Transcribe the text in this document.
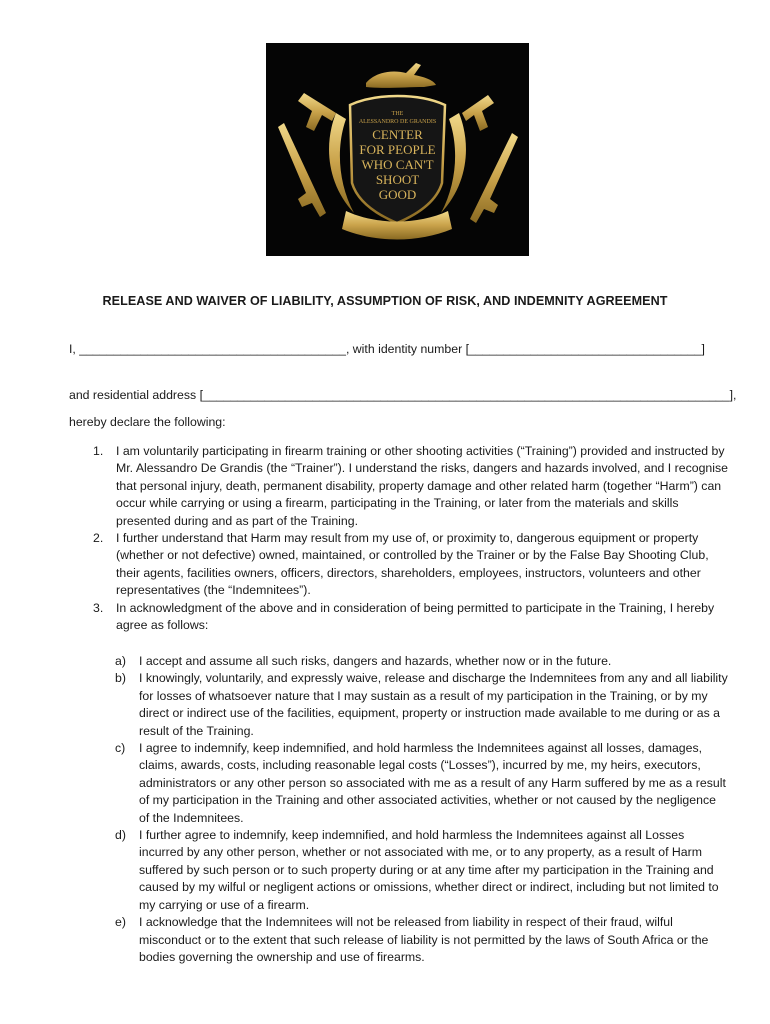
THE
ALESSANDRO DE GRANDIS
CENTER
FOR PEOPLE
WHO CAN'T
SHOOT
GOOD
RELEASE AND WAIVER OF LIABILITY, ASSUMPTION OF RISK, AND INDEMNITY AGREEMENT
I, _______________________________________, with identity number [__________________________________]
and residential address [_____________________________________________________________________________],
hereby declare the following:
1. I am voluntarily participating in firearm training or other shooting activities (“Training”) provided and instructed by Mr. Alessandro De Grandis (the “Trainer”). I understand the risks, dangers and hazards involved, and I recognise that personal injury, death, permanent disability, property damage and other related harm (together “Harm”) can occur while carrying or using a firearm, participating in the Training, or later from the materials and skills presented during and as part of the Training.
2. I further understand that Harm may result from my use of, or proximity to, dangerous equipment or property (whether or not defective) owned, maintained, or controlled by the Trainer or by the False Bay Shooting Club, their agents, facilities owners, officers, directors, shareholders, employees, instructors, volunteers and other representatives (the “Indemnitees”).
3. In acknowledgment of the above and in consideration of being permitted to participate in the Training, I hereby agree as follows:
a) I accept and assume all such risks, dangers and hazards, whether now or in the future.
b) I knowingly, voluntarily, and expressly waive, release and discharge the Indemnitees from any and all liability for losses of whatsoever nature that I may sustain as a result of my participation in the Training, or by my direct or indirect use of the facilities, equipment, property or instruction made available to me during or as a result of the Training.
c) I agree to indemnify, keep indemnified, and hold harmless the Indemnitees against all losses, damages, claims, awards, costs, including reasonable legal costs (“Losses”), incurred by me, my heirs, executors, administrators or any other person so associated with me as a result of any Harm suffered by me as a result of my participation in the Training and other associated activities, whether or not caused by the negligence of the Indemnitees.
d) I further agree to indemnify, keep indemnified, and hold harmless the Indemnitees against all Losses incurred by any other person, whether or not associated with me, or to any property, as a result of Harm suffered by such person or to such property during or at any time after my participation in the Training and caused by my wilful or negligent actions or omissions, whether direct or indirect, including but not limited to my carrying or use of a firearm.
e) I acknowledge that the Indemnitees will not be released from liability in respect of their fraud, wilful misconduct or to the extent that such release of liability is not permitted by the laws of South Africa or the bodies governing the ownership and use of firearms.
